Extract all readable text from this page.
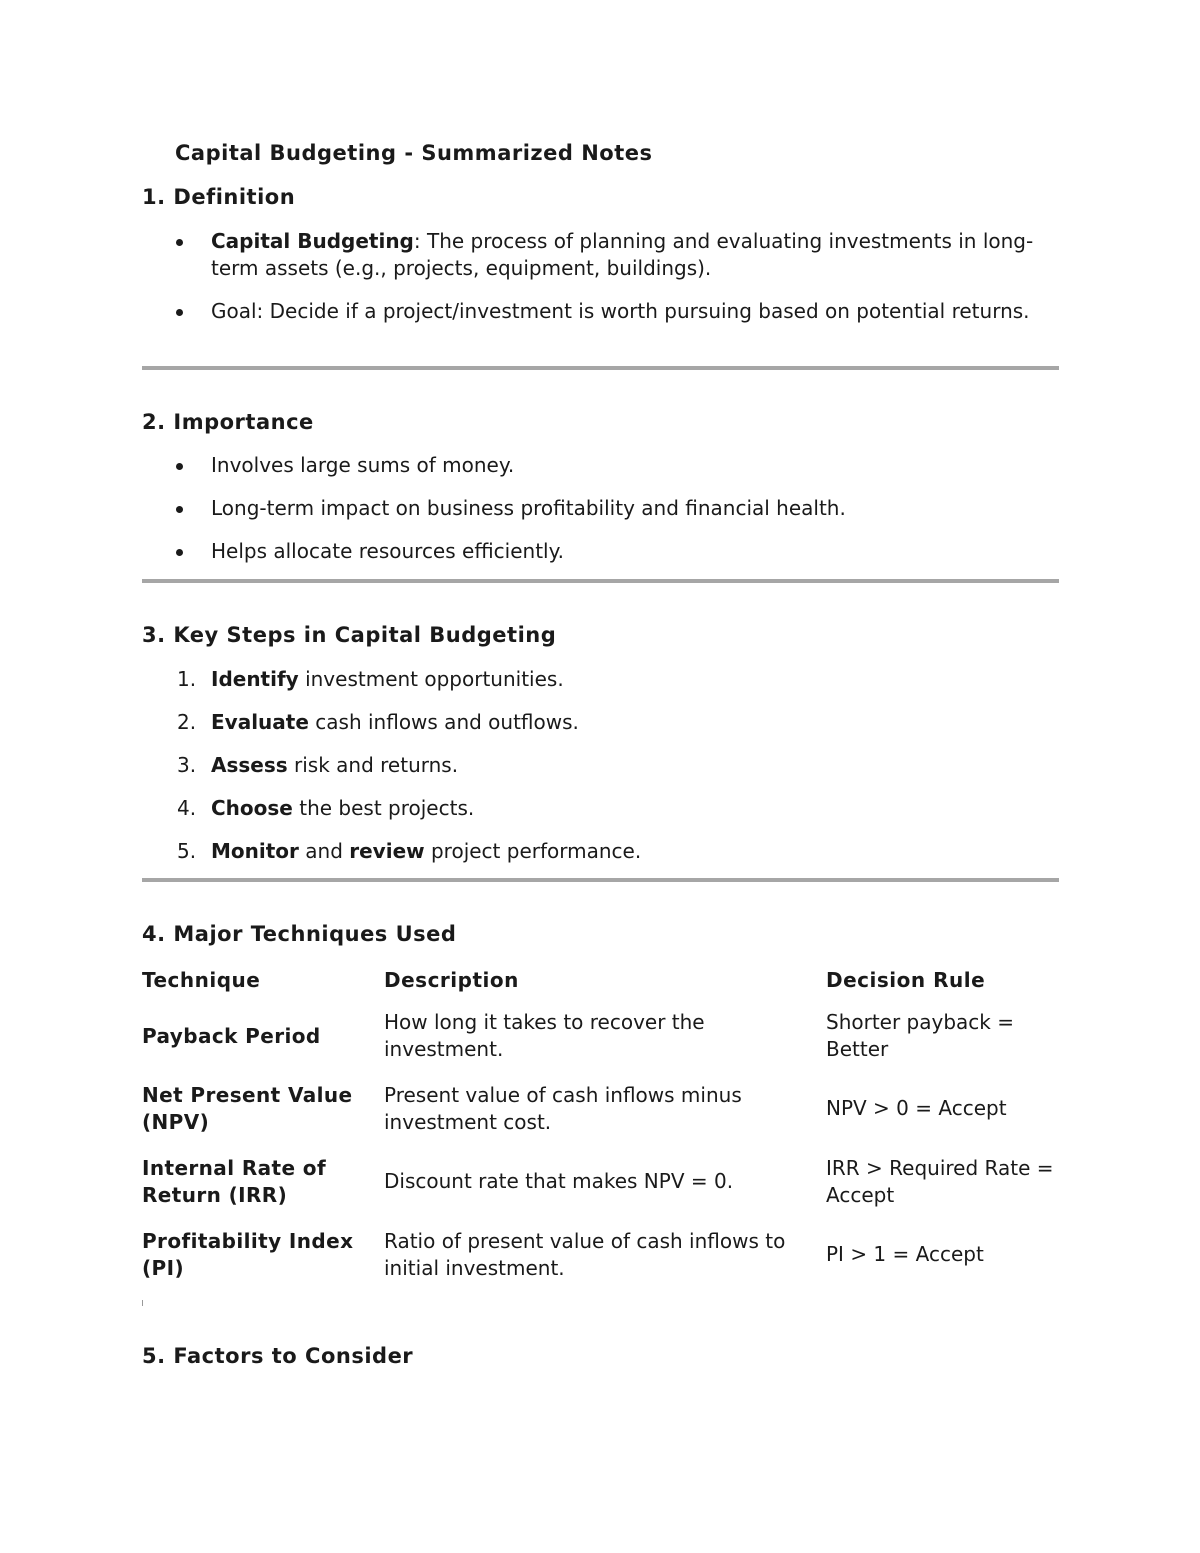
Capital Budgeting - Summarized Notes
1. Definition
Capital Budgeting: The process of planning and evaluating investments in long-term assets (e.g., projects, equipment, buildings).
Goal: Decide if a project/investment is worth pursuing based on potential returns.
2. Importance
Involves large sums of money.
Long-term impact on business profitability and financial health.
Helps allocate resources efficiently.
3. Key Steps in Capital Budgeting
1. Identify investment opportunities.
2. Evaluate cash inflows and outflows.
3. Assess risk and returns.
4. Choose the best projects.
5. Monitor and review project performance.
4. Major Techniques Used
Technique	Description	Decision Rule
Payback Period	How long it takes to recover the investment.	Shorter payback = Better
Net Present Value (NPV)	Present value of cash inflows minus investment cost.	NPV > 0 = Accept
Internal Rate of Return (IRR)	Discount rate that makes NPV = 0.	IRR > Required Rate = Accept
Profitability Index (PI)	Ratio of present value of cash inflows to initial investment.	PI > 1 = Accept
5. Factors to Consider
